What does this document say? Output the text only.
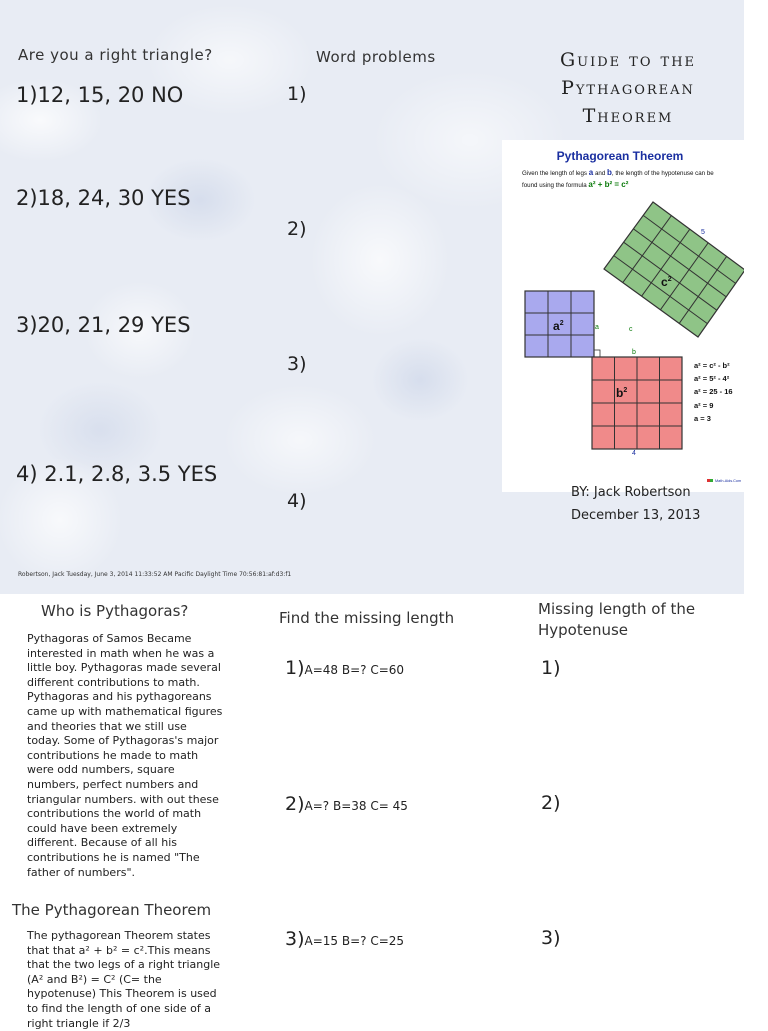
Are you a right triangle?
1)12, 15, 20 NO
2)18, 24, 30 YES
3)20, 21, 29 YES
4) 2.1, 2.8, 3.5 YES
Word problems
1)
2)
3)
4)
Guide to the Pythagorean Theorem
Pythagorean Theorem
Given the length of legs a and b, the length of the hypotenuse can be
found using the formula a² + b² = c²
$c^2$
5
$a^2$
a	c
b
$b^2$
4
a² = c² - b²
a² = 5² - 4²
a² = 25 - 16
a² = 9
a = 3
Math-Aids.Com
BY: Jack Robertson
December 13, 2013
Robertson, Jack Tuesday, June 3, 2014 11:33:52 AM Pacific Daylight Time 70:56:81:af:d3:f1
Who is Pythagoras?
Pythagoras of Samos Became interested in math when he was a little boy. Pythagoras made several different contributions to math. Pythagoras and his pythagoreans came up with mathematical figures and theories that we still use today. Some of Pythagoras's major contributions he made to math were odd numbers, square numbers, perfect numbers and triangular numbers. with out these contributions the world of math could have been extremely different. Because of all his contributions he is named "The father of numbers".
The Pythagorean Theorem
The pythagorean Theorem states that that a² + b² = c².This means that the two legs of a right triangle (A² and B²) = C² (C= the hypotenuse) This Theorem is used to find the length of one side of a right triangle if 2/3
Find the missing length
1)A=48 B=? C=60
2)A=? B=38 C= 45
3)A=15 B=? C=25
Missing length of the Hypotenuse
1)
2)
3)
